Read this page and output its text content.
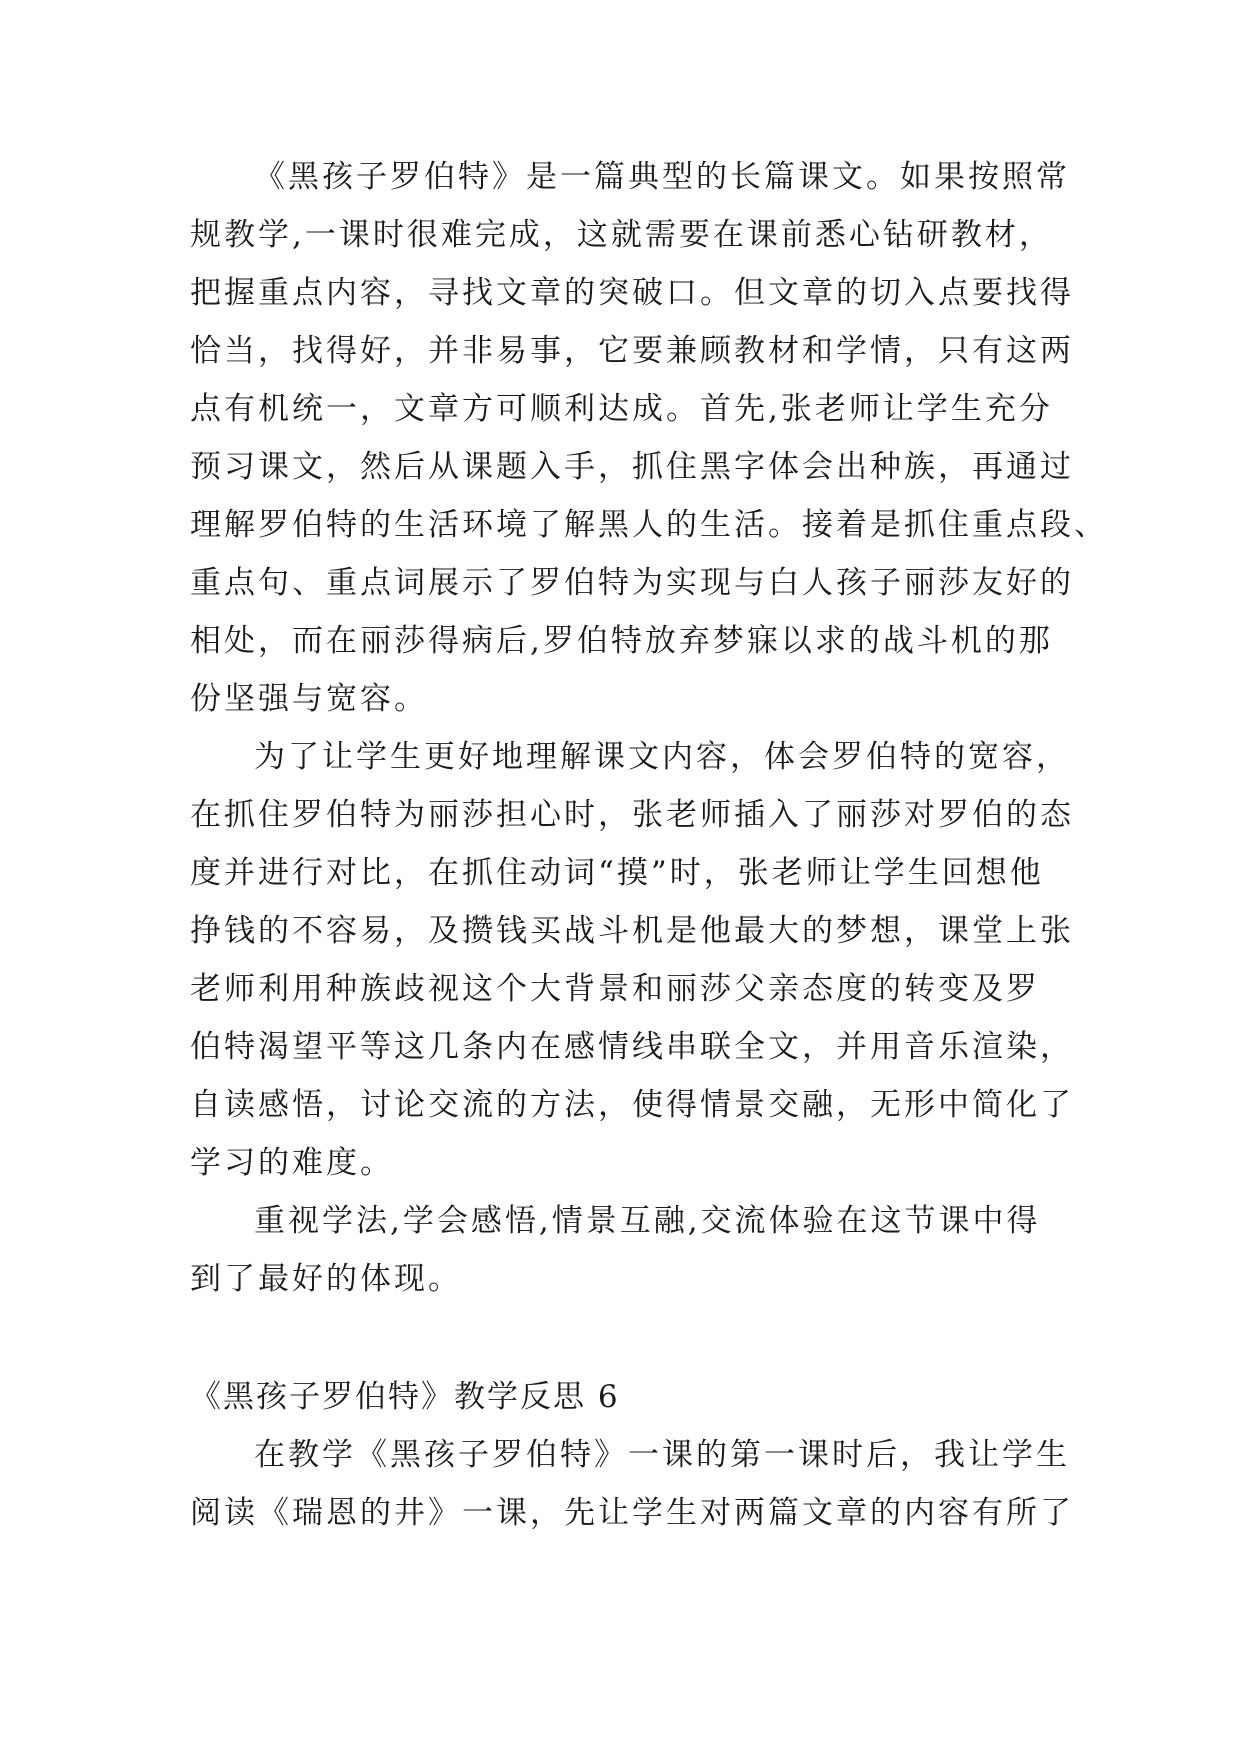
《黑孩子罗伯特》是一篇典型的长篇课文。如果按照常
规教学,一课时很难完成，这就需要在课前悉心钻研教材，
把握重点内容，寻找文章的突破口。但文章的切入点要找得
恰当，找得好，并非易事，它要兼顾教材和学情，只有这两
点有机统一，文章方可顺利达成。首先,张老师让学生充分
预习课文，然后从课题入手，抓住黑字体会出种族，再通过
理解罗伯特的生活环境了解黑人的生活。接着是抓住重点段、
重点句、重点词展示了罗伯特为实现与白人孩子丽莎友好的
相处，而在丽莎得病后,罗伯特放弃梦寐以求的战斗机的那
份坚强与宽容。
为了让学生更好地理解课文内容，体会罗伯特的宽容，
在抓住罗伯特为丽莎担心时，张老师插入了丽莎对罗伯的态
度并进行对比，在抓住动词“摸”时，张老师让学生回想他
挣钱的不容易，及攒钱买战斗机是他最大的梦想，课堂上张
老师利用种族歧视这个大背景和丽莎父亲态度的转变及罗
伯特渴望平等这几条内在感情线串联全文，并用音乐渲染，
自读感悟，讨论交流的方法，使得情景交融，无形中简化了
学习的难度。
重视学法,学会感悟,情景互融,交流体验在这节课中得
到了最好的体现。
《黑孩子罗伯特》教学反思 6
在教学《黑孩子罗伯特》一课的第一课时后，我让学生
阅读《瑞恩的井》一课，先让学生对两篇文章的内容有所了
